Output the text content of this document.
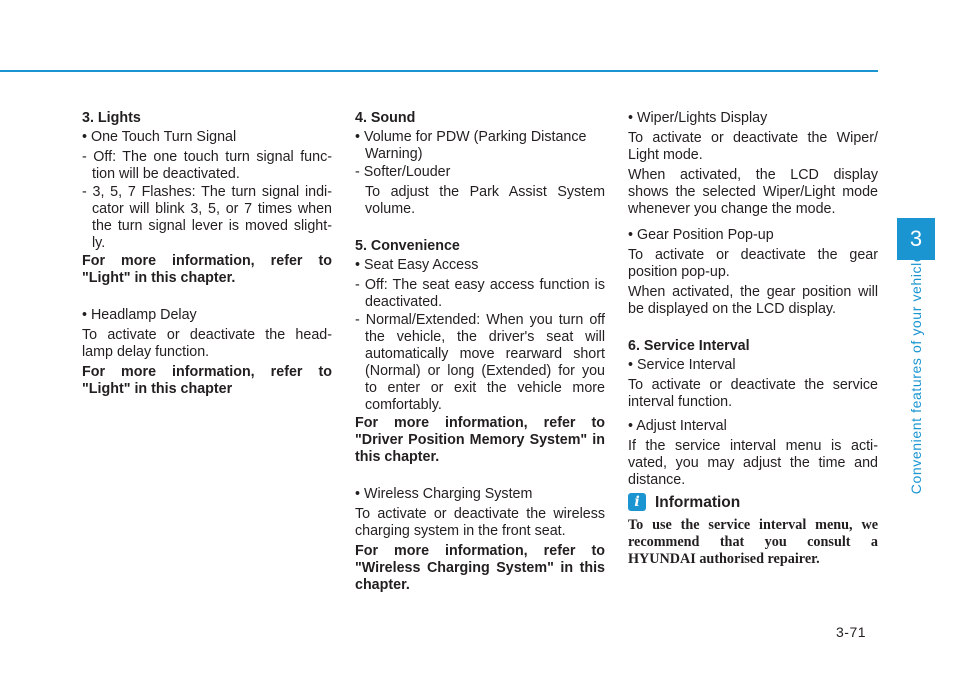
3. Lights

• One Touch Turn Signal

- Off: The one touch turn signal func- tion will be deactivated.

- 3, 5, 7 Flashes: The turn signal indi- cator will blink 3, 5, or 7 times when the turn signal lever is moved slight- ly.

For more information, refer to "Light" in this chapter.

• Headlamp Delay

To activate or deactivate the head- lamp delay function.

For more information, refer to "Light" in this chapter

4. Sound

• Volume for PDW (Parking Distance Warning)

- Softer/Louder

To adjust the Park Assist System volume.

5. Convenience

• Seat Easy Access

- Off: The seat easy access function is deactivated.

- Normal/Extended: When you turn off the vehicle, the driver's seat will automatically move rearward short (Normal) or long (Extended) for you to enter or exit the vehicle more comfortably.

For more information, refer to "Driver Position Memory System" in this chapter.

• Wireless Charging System

To activate or deactivate the wireless charging system in the front seat.

For more information, refer to "Wireless Charging System" in this chapter.

• Wiper/Lights Display

To activate or deactivate the Wiper/ Light mode.

When activated, the LCD display shows the selected Wiper/Light mode whenever you change the mode.

• Gear Position Pop-up

To activate or deactivate the gear position pop-up.

When activated, the gear position will be displayed on the LCD display.

6. Service Interval

• Service Interval

To activate or deactivate the service interval function.

• Adjust Interval

If the service interval menu is acti- vated, you may adjust the time and distance.

i Information

To use the service interval menu, we recommend that you consult a HYUNDAI authorised repairer.

3
Convenient features of your vehicle
3-71
